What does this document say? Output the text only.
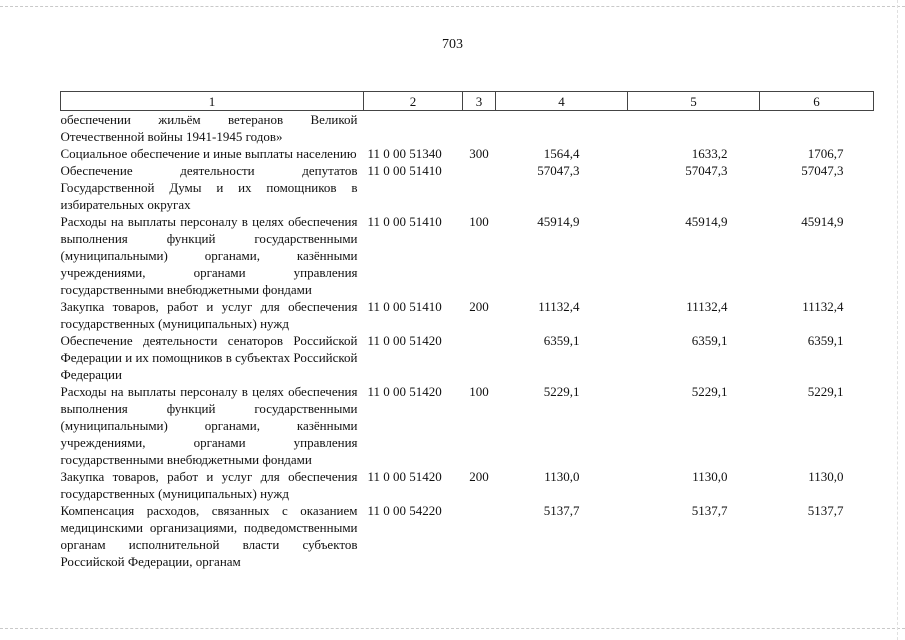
703
1	2	3	4	5	6
обеспечении жильём ветеранов Великой Отечественной войны 1941-1945 годов»					
Социальное обеспечение и иные выплаты населению	11 0 00 51340	300	1564,4	1633,2	1706,7
Обеспечение деятельности депутатов Государственной Думы и их помощников в избирательных округах	11 0 00 51410		57047,3	57047,3	57047,3
Расходы на выплаты персоналу в целях обеспечения выполнения функций государственными (муниципальными) органами, казёнными учреждениями, органами управления государственными внебюджетными фондами	11 0 00 51410	100	45914,9	45914,9	45914,9
Закупка товаров, работ и услуг для обеспечения государственных (муниципальных) нужд	11 0 00 51410	200	11132,4	11132,4	11132,4
Обеспечение деятельности сенаторов Российской Федерации и их помощников в субъектах Российской Федерации	11 0 00 51420		6359,1	6359,1	6359,1
Расходы на выплаты персоналу в целях обеспечения выполнения функций государственными (муниципальными) органами, казёнными учреждениями, органами управления государственными внебюджетными фондами	11 0 00 51420	100	5229,1	5229,1	5229,1
Закупка товаров, работ и услуг для обеспечения государственных (муниципальных) нужд	11 0 00 51420	200	1130,0	1130,0	1130,0
Компенсация расходов, связанных с оказанием медицинскими организациями, подведомственными органам исполнительной власти субъектов Российской Федерации, органам	11 0 00 54220		5137,7	5137,7	5137,7
